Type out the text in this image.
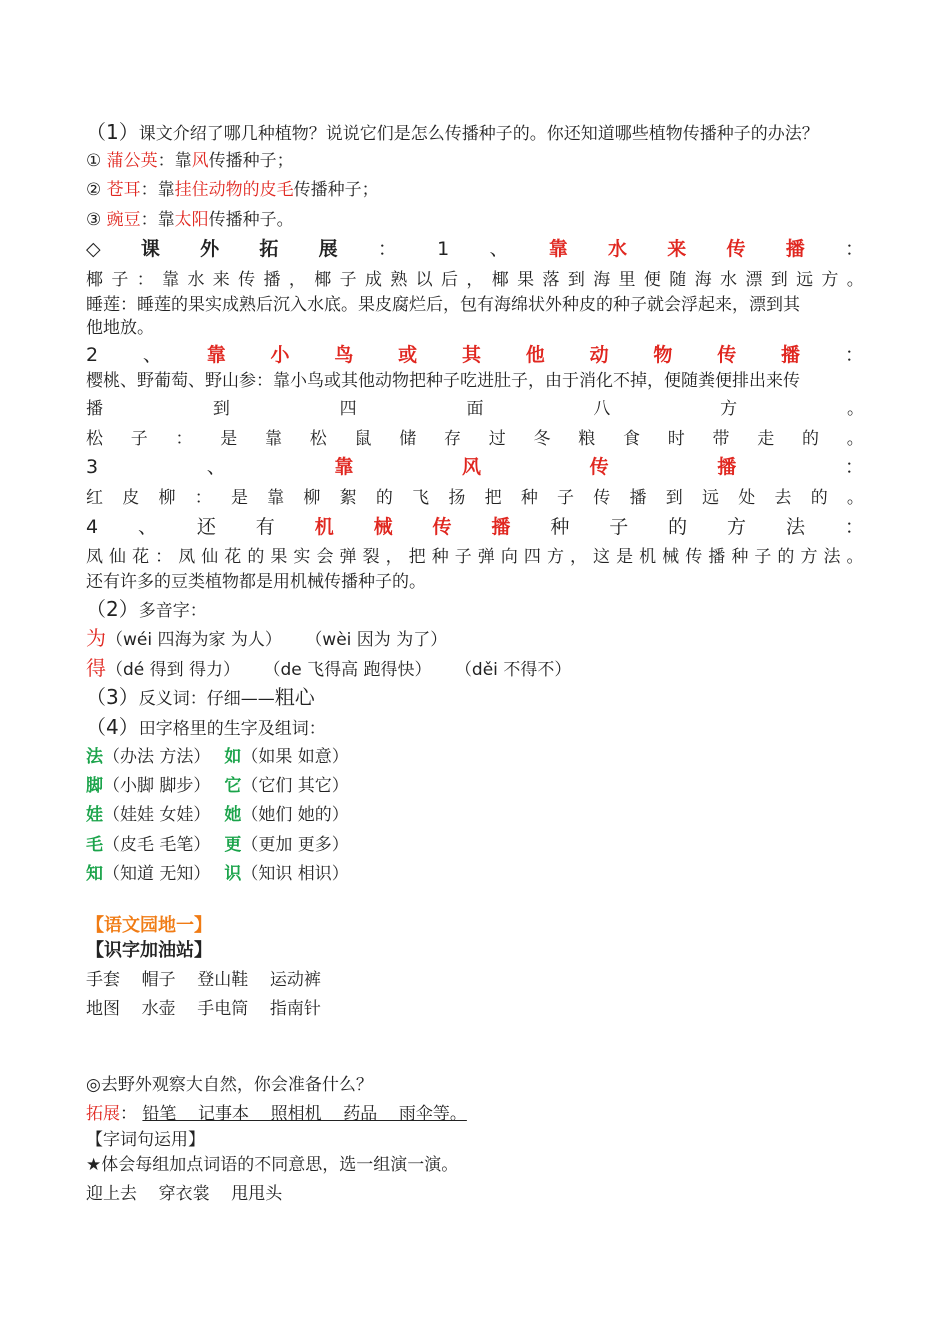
（1）课文介绍了哪几种植物？说说它们是怎么传播种子的。你还知道哪些植物传播种子的办法？
① 蒲公英：靠风传播种子；
② 苍耳：靠挂住动物的皮毛传播种子；
③ 豌豆：靠太阳传播种子。
◇ 课 外 拓 展 ： 1 、 靠 水 来 传 播 ：
椰 子 ： 靠 水 来 传 播 ， 椰 子 成 熟 以 后 ， 椰 果 落 到 海 里 便 随 海 水 漂 到 远 方 。
睡莲：睡莲的果实成熟后沉入水底。果皮腐烂后，包有海绵状外种皮的种子就会浮起来，漂到其
他地放。
2 、 靠 小 鸟 或 其 他 动 物 传 播 ：
樱桃、野葡萄、野山参：靠小鸟或其他动物把种子吃进肚子，由于消化不掉，便随粪便排出来传
播	到	四	面	八	方	。
松 子 ： 是 靠 松 鼠 储 存 过 冬 粮 食 时 带 走 的 。
3	、	靠	风	传	播	：
红 皮 柳 ： 是 靠 柳 絮 的 飞 扬 把 种 子 传 播 到 远 处 去 的 。
4 、 还 有 机 械 传 播 种 子 的 方 法 ：
凤 仙 花 ： 凤 仙 花 的 果 实 会 弹 裂 ， 把 种 子 弹 向 四 方 ， 这 是 机 械 传 播 种 子 的 方 法 。
还有许多的豆类植物都是用机械传播种子的。
（2）多音字：
为（wéi 四海为家 为人） （wèi 因为 为了）
得（dé 得到 得力） （de 飞得高 跑得快） （děi 不得不）
（3）反义词：仔细——粗心
（4）田字格里的生字及组词：
法（办法 方法） 如（如果 如意）
脚（小脚 脚步） 它（它们 其它）
娃（娃娃 女娃） 她（她们 她的）
毛（皮毛 毛笔） 更（更加 更多）
知（知道 无知） 识（知识 相识）
【语文园地一】
【识字加油站】
手套    帽子    登山鞋    运动裤
地图    水壶    手电筒    指南针
◎去野外观察大自然，你会准备什么？
拓展： 铅笔    记事本    照相机    药品    雨伞等。
【字词句运用】
★体会每组加点词语的不同意思，选一组演一演。
迎上去    穿衣裳    甩甩头
